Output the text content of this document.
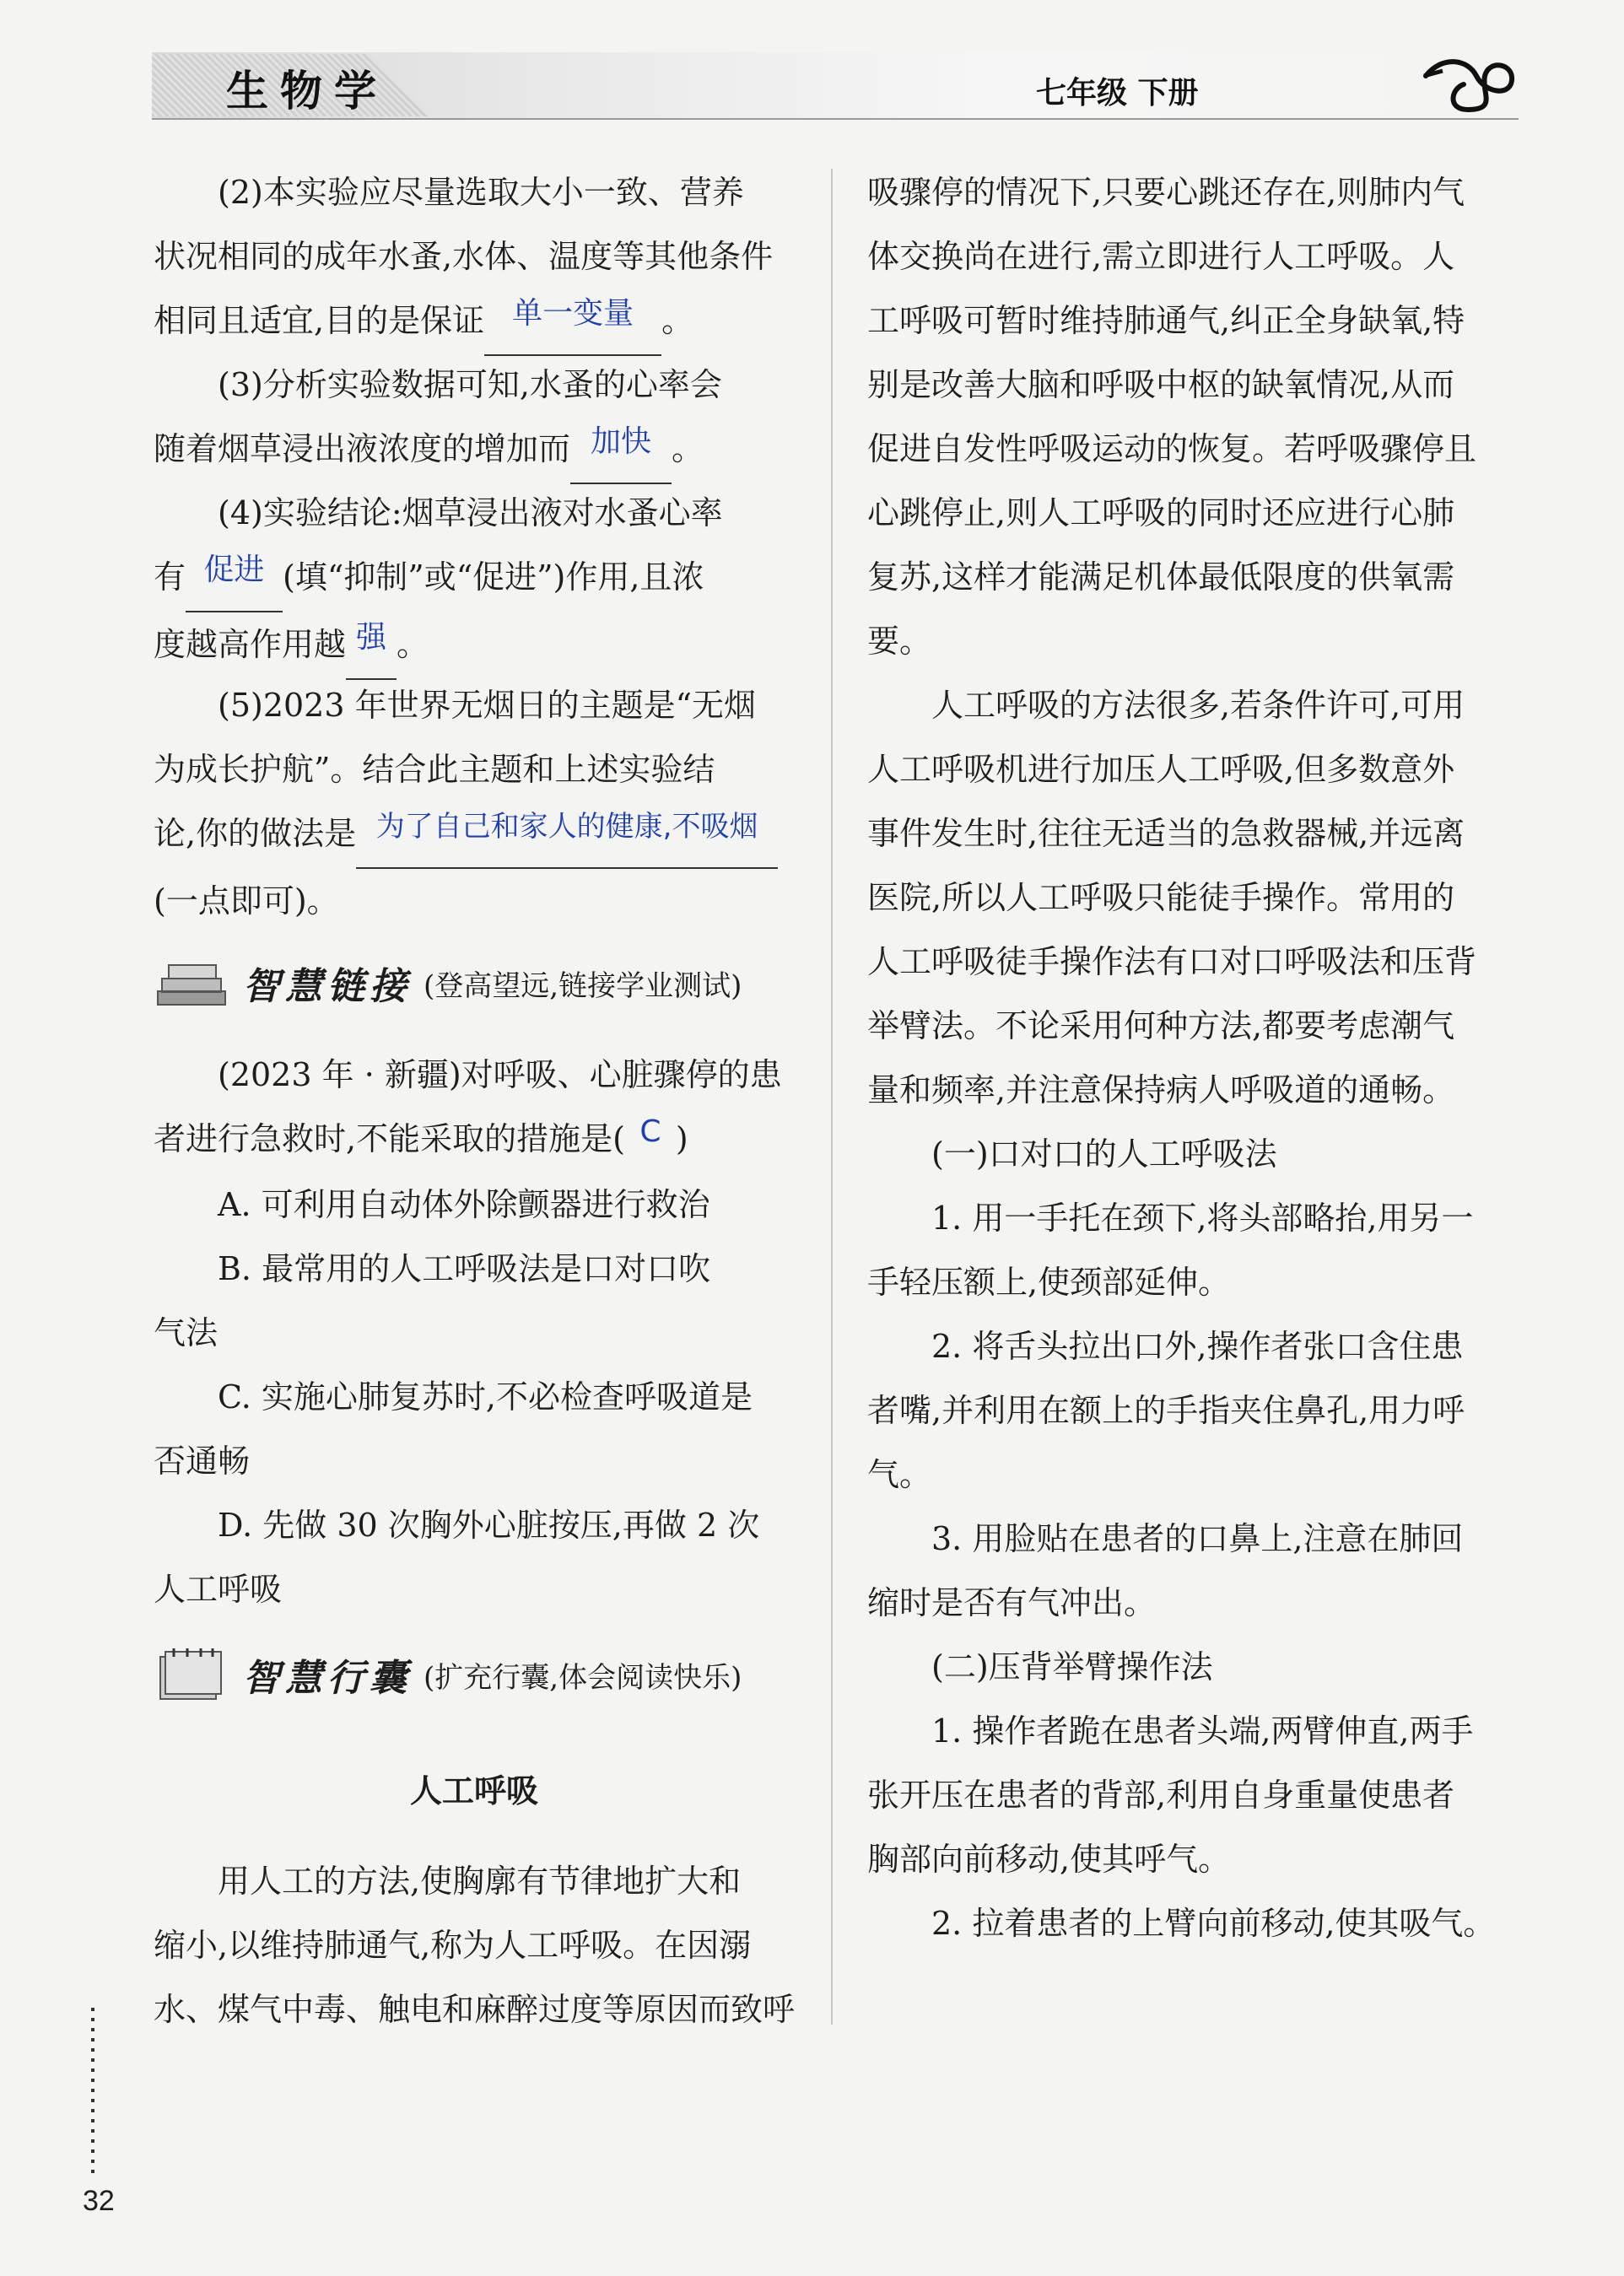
生物学	七年级 下册
(2)本实验应尽量选取大小一致、营养
状况相同的成年水蚤,水体、温度等其他条件
相同且适宜,目的是保证 单一变量 。
(3)分析实验数据可知,水蚤的心率会
随着烟草浸出液浓度的增加而 加快 。
(4)实验结论:烟草浸出液对水蚤心率
有 促进 (填“抑制”或“促进”)作用,且浓
度越高作用越 强 。
(5)2023 年世界无烟日的主题是“无烟
为成长护航”。结合此主题和上述实验结
论,你的做法是 为了自己和家人的健康,不吸烟
(一点即可)。
智慧链接 (登高望远,链接学业测试)
(2023 年 · 新疆)对呼吸、心脏骤停的患
者进行急救时,不能采取的措施是( C )
A. 可利用自动体外除颤器进行救治
B. 最常用的人工呼吸法是口对口吹
气法
C. 实施心肺复苏时,不必检查呼吸道是
否通畅
D. 先做 30 次胸外心脏按压,再做 2 次
人工呼吸
智慧行囊 (扩充行囊,体会阅读快乐)
人工呼吸
用人工的方法,使胸廓有节律地扩大和
缩小,以维持肺通气,称为人工呼吸。在因溺
水、煤气中毒、触电和麻醉过度等原因而致呼
吸骤停的情况下,只要心跳还存在,则肺内气
体交换尚在进行,需立即进行人工呼吸。人
工呼吸可暂时维持肺通气,纠正全身缺氧,特
别是改善大脑和呼吸中枢的缺氧情况,从而
促进自发性呼吸运动的恢复。若呼吸骤停且
心跳停止,则人工呼吸的同时还应进行心肺
复苏,这样才能满足机体最低限度的供氧需
要。
人工呼吸的方法很多,若条件许可,可用
人工呼吸机进行加压人工呼吸,但多数意外
事件发生时,往往无适当的急救器械,并远离
医院,所以人工呼吸只能徒手操作。常用的
人工呼吸徒手操作法有口对口呼吸法和压背
举臂法。不论采用何种方法,都要考虑潮气
量和频率,并注意保持病人呼吸道的通畅。
(一)口对口的人工呼吸法
1. 用一手托在颈下,将头部略抬,用另一
手轻压额上,使颈部延伸。
2. 将舌头拉出口外,操作者张口含住患
者嘴,并利用在额上的手指夹住鼻孔,用力呼
气。
3. 用脸贴在患者的口鼻上,注意在肺回
缩时是否有气冲出。
(二)压背举臂操作法
1. 操作者跪在患者头端,两臂伸直,两手
张开压在患者的背部,利用自身重量使患者
胸部向前移动,使其呼气。
2. 拉着患者的上臂向前移动,使其吸气。
32
